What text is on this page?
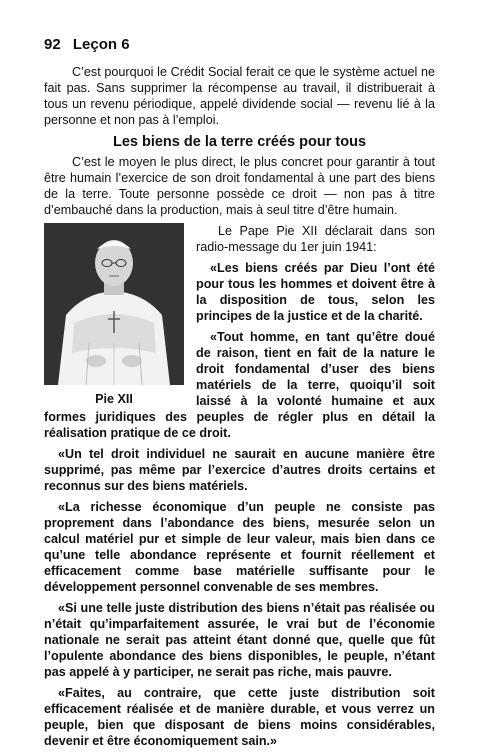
92 Leçon 6

C’est pourquoi le Crédit Social ferait ce que le système actuel ne fait pas. Sans supprimer la récompense au travail, il distribuerait à tous un revenu périodique, appelé dividende social — revenu lié à la personne et non pas à l’emploi.

Les biens de la terre créés pour tous

C’est le moyen le plus direct, le plus concret pour garantir à tout être humain l’exercice de son droit fondamental à une part des biens de la terre. Toute personne possède ce droit — non pas à titre d’embauché dans la production, mais à seul titre d’être humain.

Pie XII

Le Pape Pie XII déclarait dans son radio-message du 1er juin 1941:

«Les biens créés par Dieu l’ont été pour tous les hommes et doivent être à la disposition de tous, selon les principes de la justice et de la charité.

«Tout homme, en tant qu’être doué de raison, tient en fait de la nature le droit fondamental d’user des biens matériels de la terre, quoiqu’il soit laissé à la volonté humaine et aux formes juridiques des peuples de régler plus en détail la réalisation pratique de ce droit.

«Un tel droit individuel ne saurait en aucune manière être supprimé, pas même par l’exercice d’autres droits certains et reconnus sur des biens matériels.

«La richesse économique d’un peuple ne consiste pas proprement dans l’abondance des biens, mesurée selon un calcul matériel pur et simple de leur valeur, mais bien dans ce qu’une telle abondance représente et fournit réellement et efficacement comme base matérielle suffisante pour le développement personnel convenable de ses membres.

«Si une telle juste distribution des biens n’était pas réalisée ou n’était qu’imparfaitement assurée, le vrai but de l’économie nationale ne serait pas atteint étant donné que, quelle que fût l’opulente abondance des biens disponibles, le peuple, n’étant pas appelé à y participer, ne serait pas riche, mais pauvre.

«Faites, au contraire, que cette juste distribution soit efficacement réalisée et de manière durable, et vous verrez un peuple, bien que disposant de biens moins considérables, devenir et être économiquement sain.»
